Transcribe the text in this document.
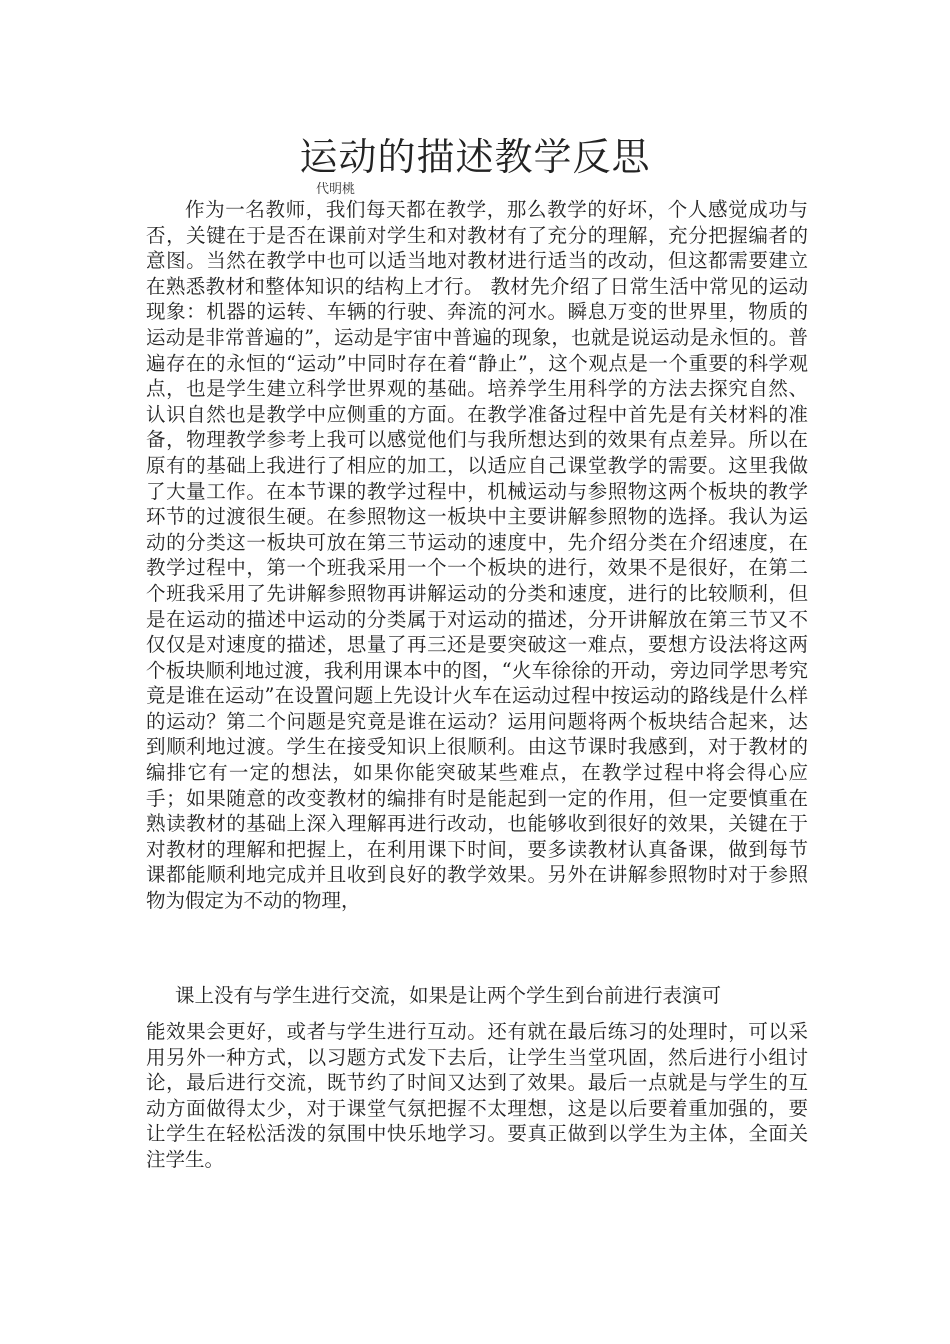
运动的描述教学反思
代明桃

作为一名教师，我们每天都在教学，那么教学的好坏，个人感觉成功与否，关键在于是否在课前对学生和对教材有了充分的理解，充分把握编者的意图。当然在教学中也可以适当地对教材进行适当的改动，但这都需要建立在熟悉教材和整体知识的结构上才行。 教材先介绍了日常生活中常见的运动现象：机器的运转、车辆的行驶、奔流的河水。瞬息万变的世界里，物质的运动是非常普遍的”，运动是宇宙中普遍的现象，也就是说运动是永恒的。普遍存在的永恒的“运动”中同时存在着“静止”，这个观点是一个重要的科学观点，也是学生建立科学世界观的基础。培养学生用科学的方法去探究自然、认识自然也是教学中应侧重的方面。在教学准备过程中首先是有关材料的准备，物理教学参考上我可以感觉他们与我所想达到的效果有点差异。所以在原有的基础上我进行了相应的加工，以适应自己课堂教学的需要。这里我做了大量工作。在本节课的教学过程中，机械运动与参照物这两个板块的教学环节的过渡很生硬。在参照物这一板块中主要讲解参照物的选择。我认为运动的分类这一板块可放在第三节运动的速度中，先介绍分类在介绍速度，在教学过程中，第一个班我采用一个一个板块的进行，效果不是很好，在第二个班我采用了先讲解参照物再讲解运动的分类和速度，进行的比较顺利，但是在运动的描述中运动的分类属于对运动的描述，分开讲解放在第三节又不仅仅是对速度的描述，思量了再三还是要突破这一难点，要想方设法将这两个板块顺利地过渡，我利用课本中的图，“火车徐徐的开动，旁边同学思考究竟是谁在运动”在设置问题上先设计火车在运动过程中按运动的路线是什么样的运动？第二个问题是究竟是谁在运动？运用问题将两个板块结合起来，达到顺利地过渡。学生在接受知识上很顺利。由这节课时我感到，对于教材的编排它有一定的想法，如果你能突破某些难点，在教学过程中将会得心应手；如果随意的改变教材的编排有时是能起到一定的作用，但一定要慎重在熟读教材的基础上深入理解再进行改动，也能够收到很好的效果，关键在于对教材的理解和把握上，在利用课下时间，要多读教材认真备课，做到每节课都能顺利地完成并且收到良好的教学效果。另外在讲解参照物时对于参照物为假定为不动的物理，

课上没有与学生进行交流，如果是让两个学生到台前进行表演可

能效果会更好，或者与学生进行互动。还有就在最后练习的处理时，可以采用另外一种方式，以习题方式发下去后，让学生当堂巩固，然后进行小组讨论，最后进行交流，既节约了时间又达到了效果。最后一点就是与学生的互动方面做得太少，对于课堂气氛把握不太理想，这是以后要着重加强的，要让学生在轻松活泼的氛围中快乐地学习。要真正做到以学生为主体，全面关注学生。
